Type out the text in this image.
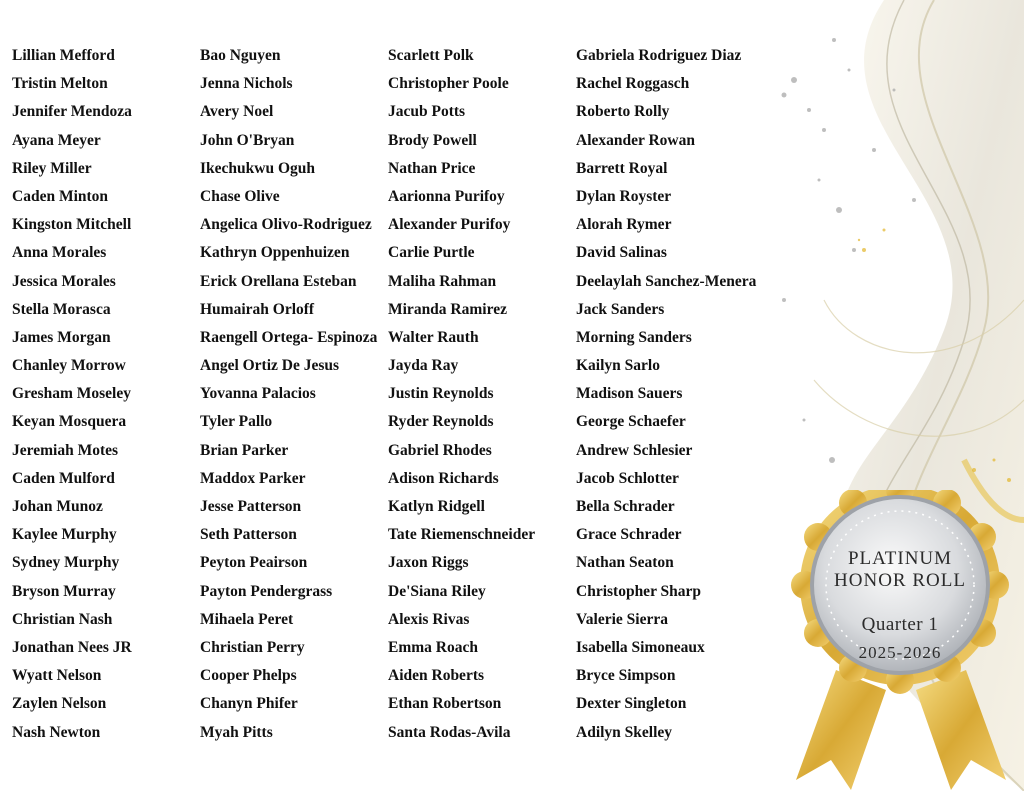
Lillian Mefford
Tristin Melton
Jennifer Mendoza
Ayana Meyer
Riley Miller
Caden Minton
Kingston Mitchell
Anna Morales
Jessica Morales
Stella Morasca
James Morgan
Chanley Morrow
Gresham Moseley
Keyan Mosquera
Jeremiah Motes
Caden Mulford
Johan Munoz
Kaylee Murphy
Sydney Murphy
Bryson Murray
Christian Nash
Jonathan Nees JR
Wyatt Nelson
Zaylen Nelson
Nash Newton
Bao Nguyen
Jenna Nichols
Avery Noel
John O'Bryan
Ikechukwu Oguh
Chase Olive
Angelica Olivo-Rodriguez
Kathryn Oppenhuizen
Erick Orellana Esteban
Humairah Orloff
Raengell Ortega- Espinoza
Angel Ortiz De Jesus
Yovanna Palacios
Tyler Pallo
Brian Parker
Maddox Parker
Jesse Patterson
Seth Patterson
Peyton Peairson
Payton Pendergrass
Mihaela Peret
Christian Perry
Cooper Phelps
Chanyn Phifer
Myah Pitts
Scarlett Polk
Christopher Poole
Jacub Potts
Brody Powell
Nathan Price
Aarionna Purifoy
Alexander Purifoy
Carlie Purtle
Maliha Rahman
Miranda Ramirez
Walter Rauth
Jayda Ray
Justin Reynolds
Ryder Reynolds
Gabriel Rhodes
Adison Richards
Katlyn Ridgell
Tate Riemenschneider
Jaxon Riggs
De'Siana Riley
Alexis Rivas
Emma Roach
Aiden Roberts
Ethan Robertson
Santa Rodas-Avila
Gabriela Rodriguez Diaz
Rachel Roggasch
Roberto Rolly
Alexander Rowan
Barrett Royal
Dylan Royster
Alorah Rymer
David Salinas
Deelaylah Sanchez-Menera
Jack Sanders
Morning Sanders
Kailyn Sarlo
Madison Sauers
George Schaefer
Andrew Schlesier
Jacob Schlotter
Bella Schrader
Grace Schrader
Nathan Seaton
Christopher Sharp
Valerie Sierra
Isabella Simoneaux
Bryce Simpson
Dexter Singleton
Adilyn Skelley
PLATINUM
HONOR ROLL
Quarter 1
2025-2026
